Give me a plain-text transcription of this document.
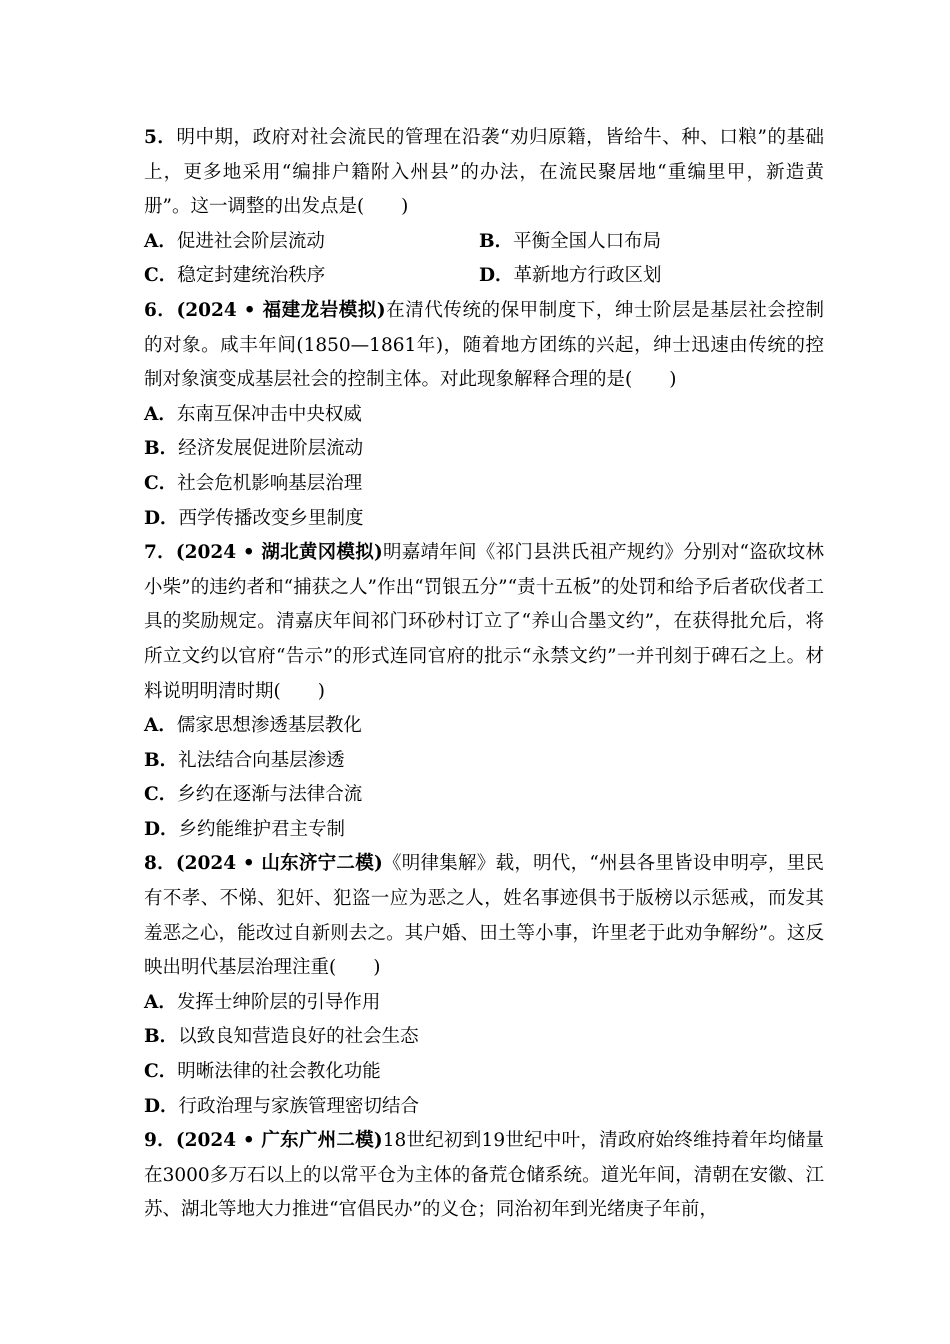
5．明中期，政府对社会流民的管理在沿袭“劝归原籍，皆给牛、种、口粮”的基础上，更多地采用“编排户籍附入州县”的办法，在流民聚居地“重编里甲，新造黄册”。这一调整的出发点是(　　)
A．促进社会阶层流动	B．平衡全国人口布局
C．稳定封建统治秩序	D．革新地方行政区划
6．(2024 • 福建龙岩模拟)在清代传统的保甲制度下，绅士阶层是基层社会控制的对象。咸丰年间(1850—1861年)，随着地方团练的兴起，绅士迅速由传统的控制对象演变成基层社会的控制主体。对此现象解释合理的是(　　)
A．东南互保冲击中央权威
B．经济发展促进阶层流动
C．社会危机影响基层治理
D．西学传播改变乡里制度
7．(2024 • 湖北黄冈模拟)明嘉靖年间《祁门县洪氏祖产规约》分别对“盗砍坟林小柴”的违约者和“捕获之人”作出“罚银五分”“责十五板”的处罚和给予后者砍伐者工具的奖励规定。清嘉庆年间祁门环砂村订立了“养山合墨文约”，在获得批允后，将所立文约以官府“告示”的形式连同官府的批示“永禁文约”一并刊刻于碑石之上。材料说明明清时期(　　)
A．儒家思想渗透基层教化
B．礼法结合向基层渗透
C．乡约在逐渐与法律合流
D．乡约能维护君主专制
8．(2024 • 山东济宁二模)《明律集解》载，明代，“州县各里皆设申明亭，里民有不孝、不悌、犯奸、犯盗一应为恶之人，姓名事迹俱书于版榜以示惩戒，而发其羞恶之心，能改过自新则去之。其户婚、田土等小事，许里老于此劝争解纷”。这反映出明代基层治理注重(　　)
A．发挥士绅阶层的引导作用
B．以致良知营造良好的社会生态
C．明晰法律的社会教化功能
D．行政治理与家族管理密切结合
9．(2024 • 广东广州二模)18世纪初到19世纪中叶，清政府始终维持着年均储量在3000多万石以上的以常平仓为主体的备荒仓储系统。道光年间，清朝在安徽、江苏、湖北等地大力推进“官倡民办”的义仓；同治初年到光绪庚子年前，
